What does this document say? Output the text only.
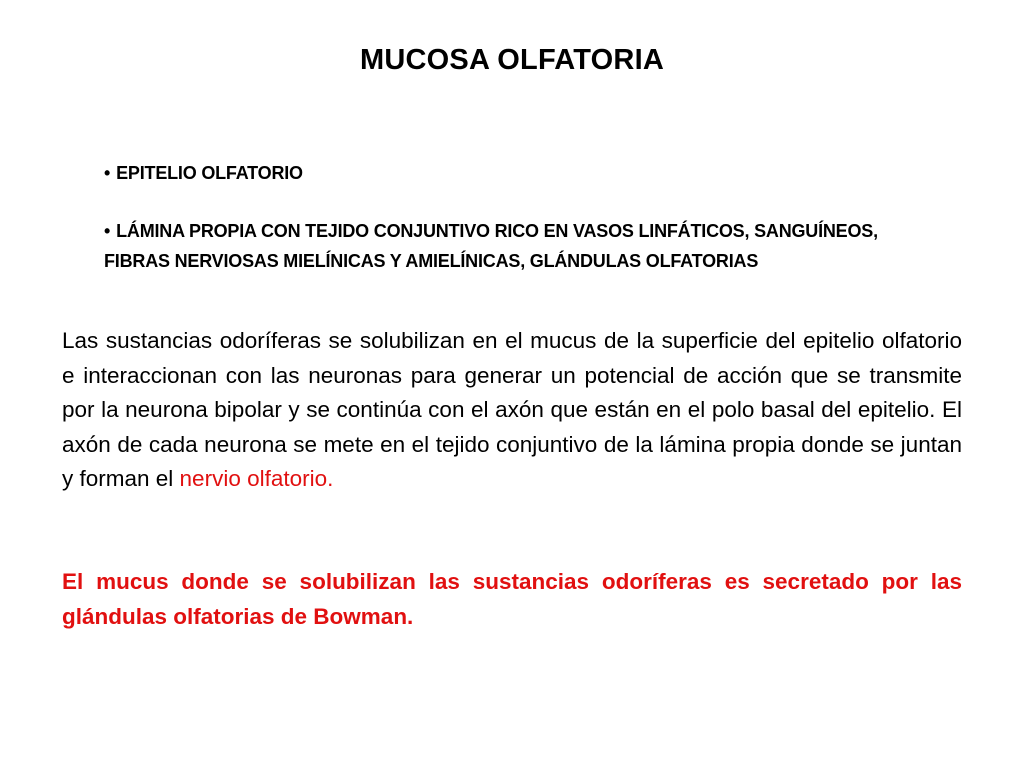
MUCOSA OLFATORIA
• EPITELIO OLFATORIO
• LÁMINA PROPIA CON TEJIDO CONJUNTIVO RICO EN VASOS LINFÁTICOS, SANGUÍNEOS, FIBRAS NERVIOSAS MIELÍNICAS Y AMIELÍNICAS, GLÁNDULAS OLFATORIAS

Las sustancias odoríferas se solubilizan en el mucus de la superficie del epitelio olfatorio e interaccionan con las neuronas para generar un potencial de acción que se transmite por la neurona bipolar y se continúa con el axón que están en el polo basal del epitelio. El axón de cada neurona se mete en el tejido conjuntivo de la lámina propia donde se juntan y forman el nervio olfatorio.

El mucus donde se solubilizan las sustancias odoríferas es secretado por las glándulas olfatorias de Bowman.
